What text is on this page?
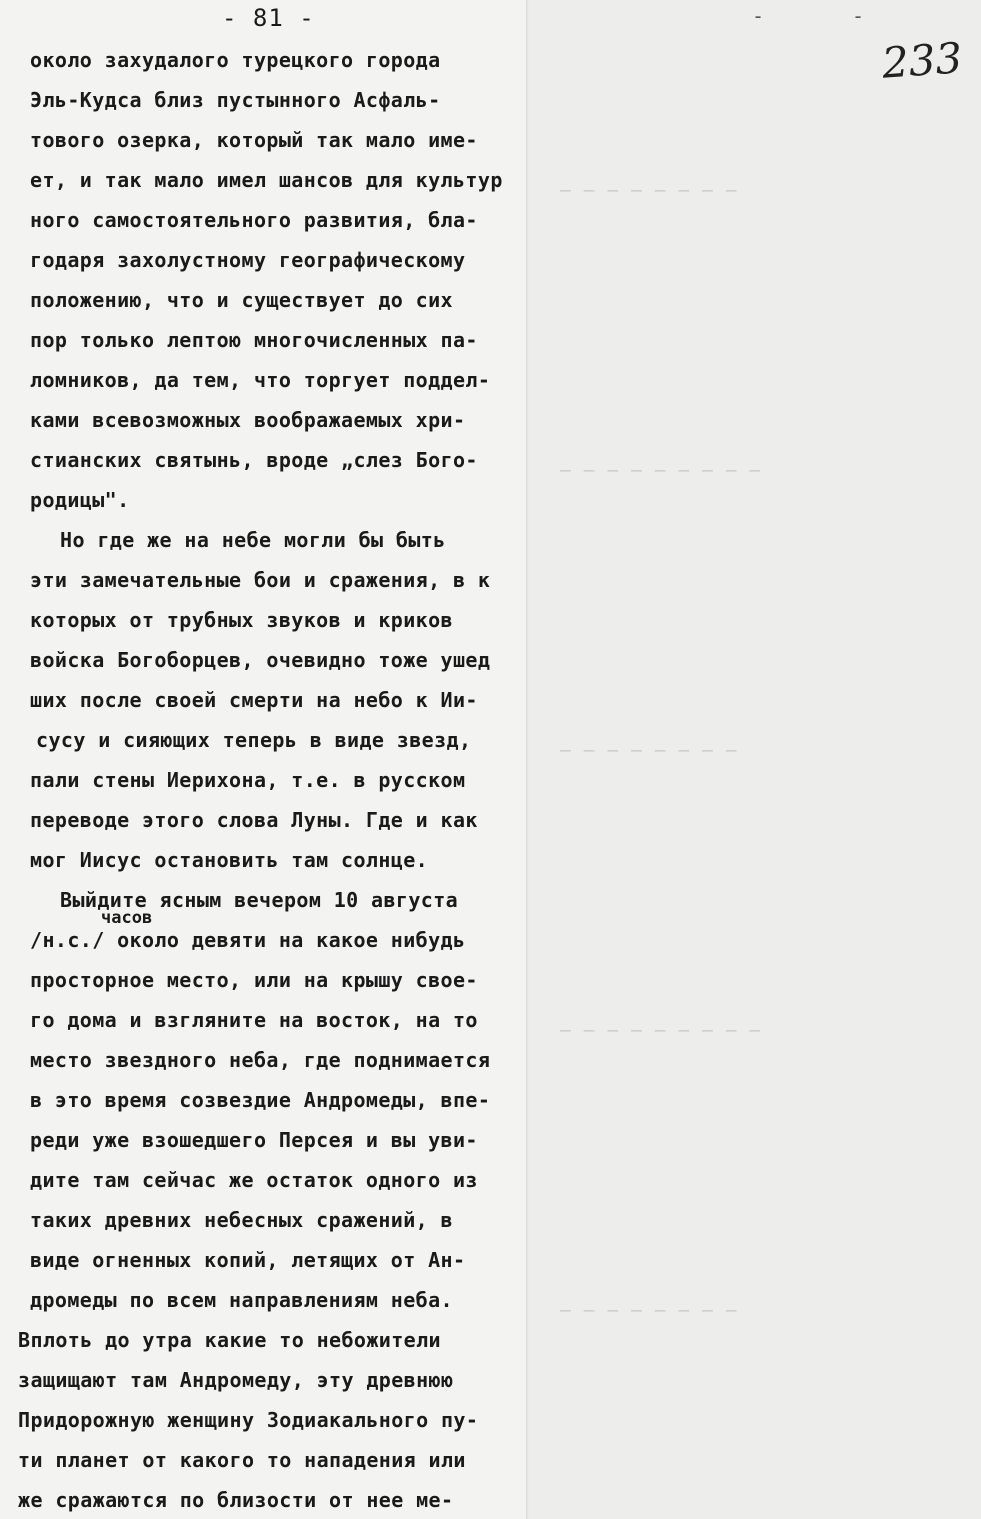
- 81 -	-	-
233
— — — — — — — —
— — — — — — — — —
— — — — — — — —
— — — — — — — — —
— — — — — — — —
часов
около захудалого турецкого города
Эль-Кудса близ пустынного Асфаль-
тового озерка, который так мало име-
ет, и так мало имел шансов для культур
ного самостоятельного развития, бла-
годаря захолустному географическому
положению, что и существует до сих
пор только лептою многочисленных па-
ломников, да тем, что торгует поддел-
ками всевозможных воображаемых хри-
стианских святынь, вроде „слез Бого-
родицы".
Но где же на небе могли бы быть
эти замечательные бои и сражения, в к
которых от трубных звуков и криков
войска Богоборцев, очевидно тоже ушед
ших после своей смерти на небо к Ии-
сусу и сияющих теперь в виде звезд,
пали стены Иерихона, т.е. в русском
переводе этого слова Луны. Где и как
мог Иисус остановить там солнце.
Выйдите ясным вечером 10 августа
/н.с./ около девяти на какое нибудь
просторное место, или на крышу свое-
го дома и взгляните на восток, на то
место звездного неба, где поднимается
в это время созвездие Андромеды, впе-
реди уже взошедшего Персея и вы уви-
дите там сейчас же остаток одного из
таких древних небесных сражений, в
виде огненных копий, летящих от Ан-
дромеды по всем направлениям неба.
Вплоть до утра какие то небожители
защищают там Андромеду, эту древнюю
Придорожную женщину Зодиакального пу-
ти планет от какого то нападения или
же сражаются по близости от нее ме-
